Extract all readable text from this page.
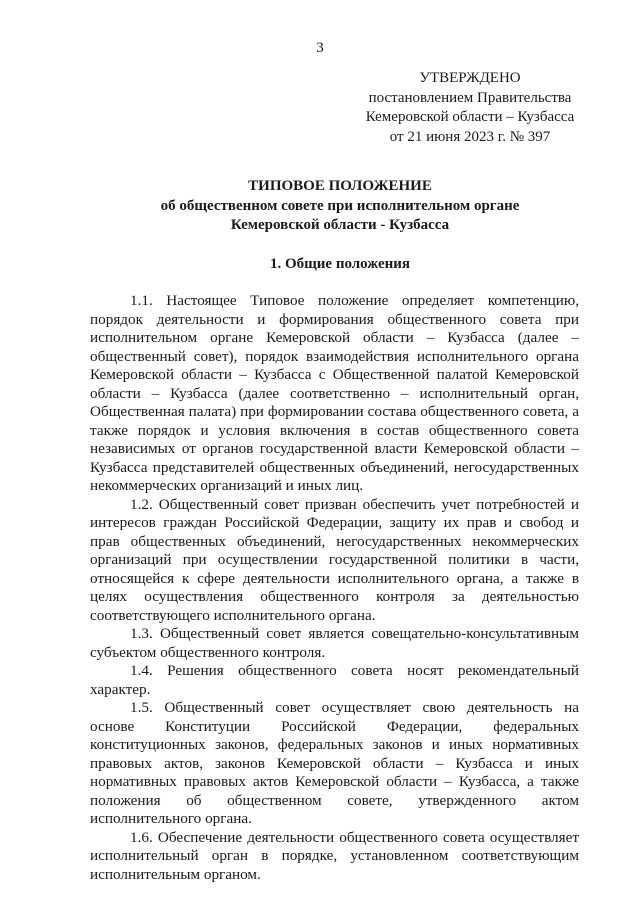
3
УТВЕРЖДЕНО
постановлением Правительства
Кемеровской области – Кузбасса
от 21 июня 2023 г. № 397
ТИПОВОЕ ПОЛОЖЕНИЕ
об общественном совете при исполнительном органе
Кемеровской области - Кузбасса
1. Общие положения

1.1. Настоящее Типовое положение определяет компетенцию, порядок деятельности и формирования общественного совета при исполнительном органе Кемеровской области – Кузбасса (далее – общественный совет), порядок взаимодействия исполнительного органа Кемеровской области – Кузбасса с Общественной палатой Кемеровской области – Кузбасса (далее соответственно – исполнительный орган, Общественная палата) при формировании состава общественного совета, а также порядок и условия включения в состав общественного совета независимых от органов государственной власти Кемеровской области – Кузбасса представителей общественных объединений, негосударственных некоммерческих организаций и иных лиц.

1.2. Общественный совет призван обеспечить учет потребностей и интересов граждан Российской Федерации, защиту их прав и свобод и прав общественных объединений, негосударственных некоммерческих организаций при осуществлении государственной политики в части, относящейся к сфере деятельности исполнительного органа, а также в целях осуществления общественного контроля за деятельностью соответствующего исполнительного органа.

1.3. Общественный совет является совещательно-консультативным субъектом общественного контроля.

1.4. Решения общественного совета носят рекомендательный характер.

1.5. Общественный совет осуществляет свою деятельность на основе Конституции Российской Федерации, федеральных конституционных законов, федеральных законов и иных нормативных правовых актов, законов Кемеровской области – Кузбасса и иных нормативных правовых актов Кемеровской области – Кузбасса, а также положения об общественном совете, утвержденного актом исполнительного органа.

1.6. Обеспечение деятельности общественного совета осуществляет исполнительный орган в порядке, установленном соответствующим исполнительным органом.
